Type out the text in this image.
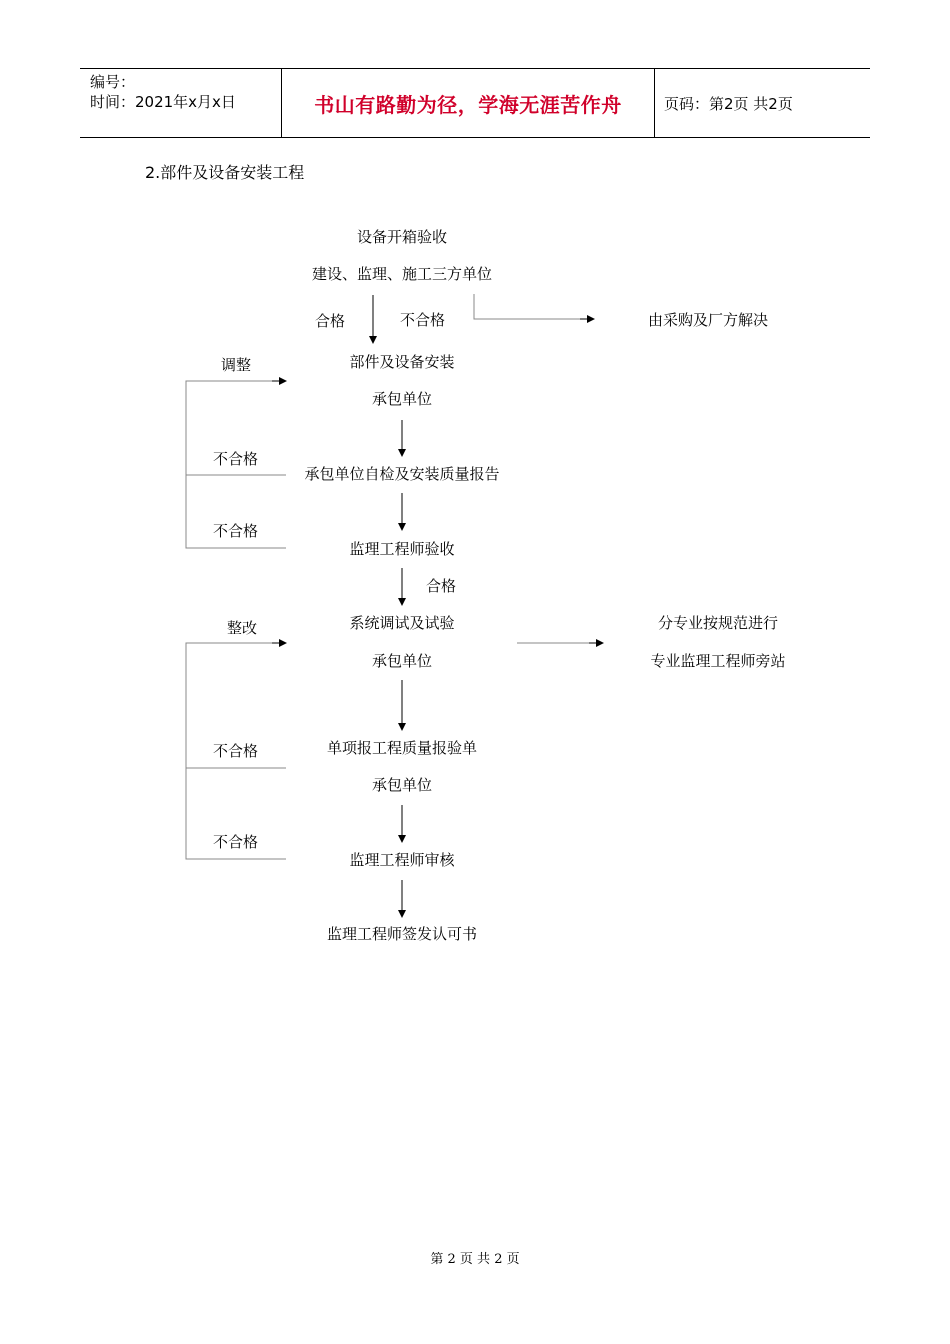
编号：
时间：2021年x月x日	书山有路勤为径，学海无涯苦作舟	页码：第2页 共2页
2.部件及设备安装工程
设备开箱验收
建设、监理、施工三方单位
合格	不合格	由采购及厂方解决
调整	部件及设备安装
承包单位
不合格
承包单位自检及安装质量报告
不合格
监理工程师验收
合格
整改	系统调试及试验
承包单位
分专业按规范进行
专业监理工程师旁站
不合格	单项报工程质量报验单
承包单位
不合格
监理工程师审核
监理工程师签发认可书
第 2 页 共 2 页
